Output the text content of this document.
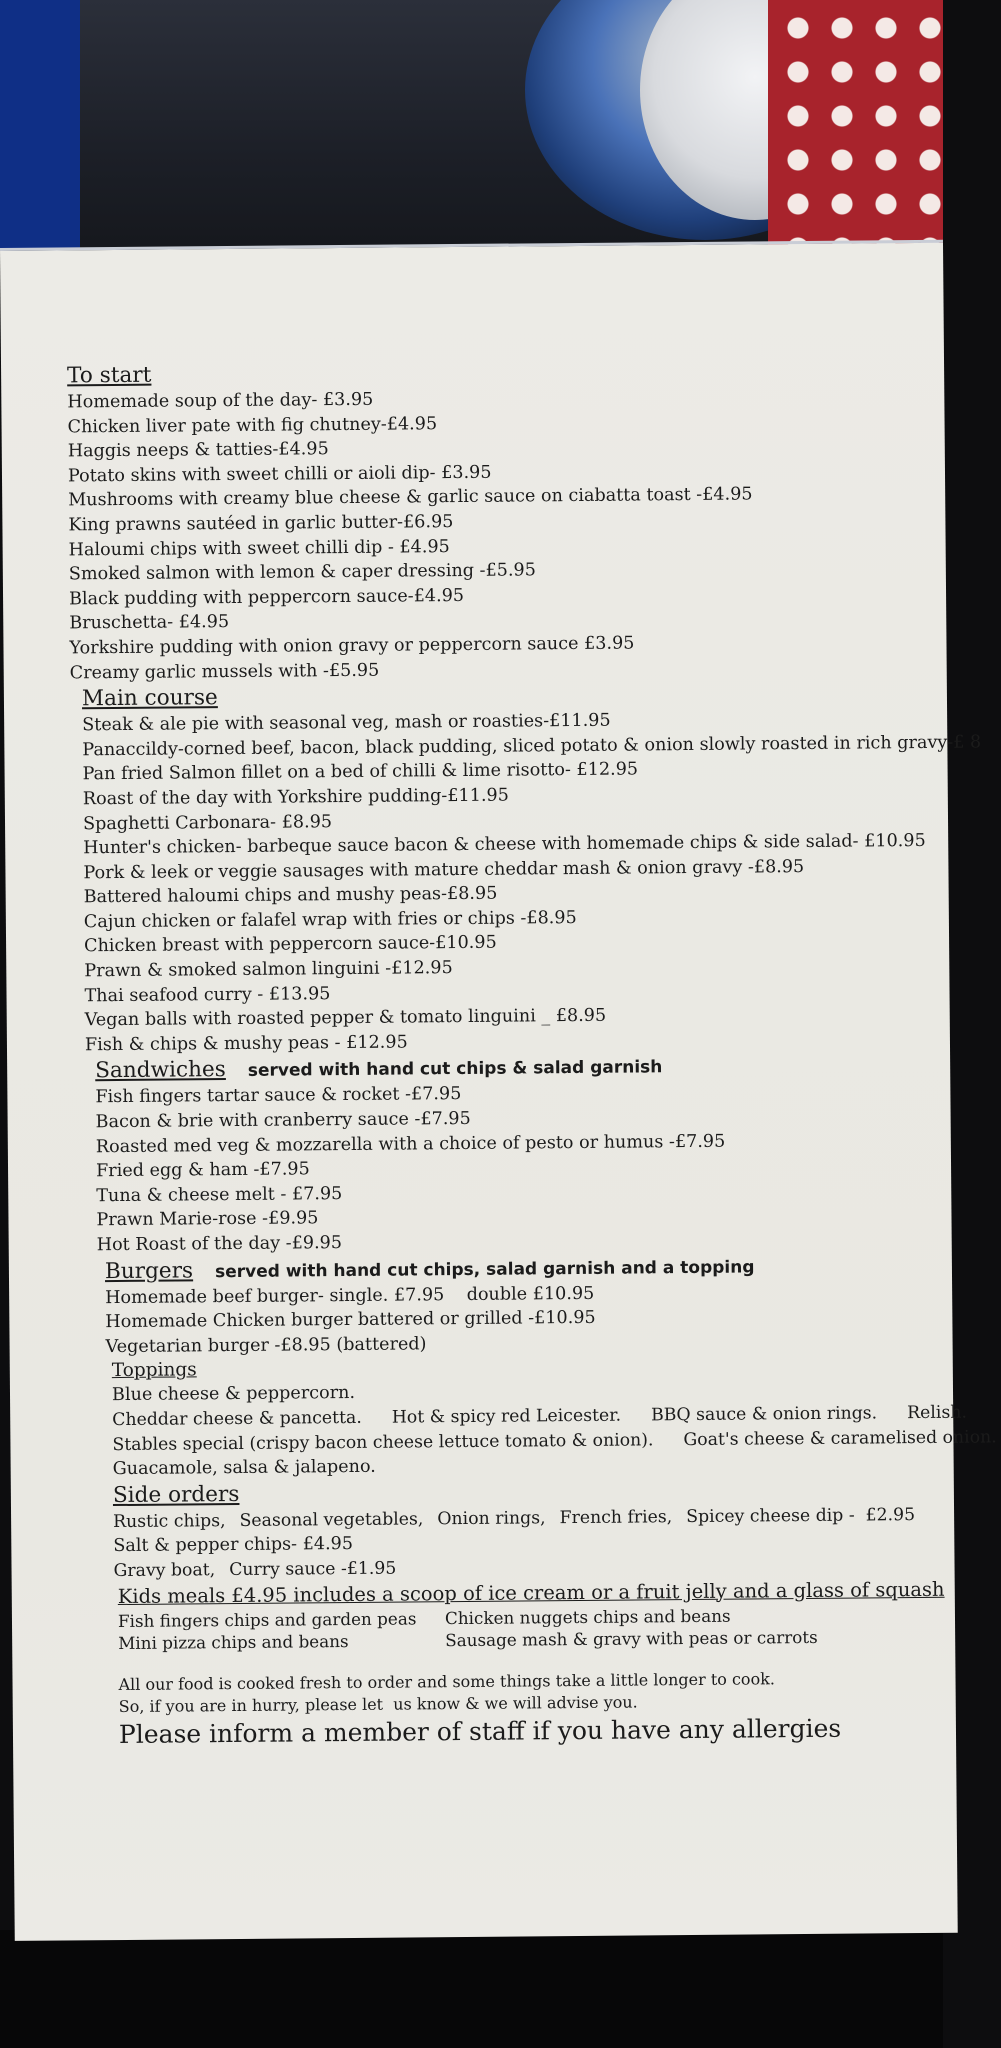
To start
Homemade soup of the day- £3.95
Chicken liver pate with fig chutney-£4.95
Haggis neeps & tatties-£4.95
Potato skins with sweet chilli or aioli dip- £3.95
Mushrooms with creamy blue cheese & garlic sauce on ciabatta toast -£4.95
King prawns sautéed in garlic butter-£6.95
Haloumi chips with sweet chilli dip - £4.95
Smoked salmon with lemon & caper dressing -£5.95
Black pudding with peppercorn sauce-£4.95
Bruschetta- £4.95
Yorkshire pudding with onion gravy or peppercorn sauce £3.95
Creamy garlic mussels with -£5.95
Main course
Steak & ale pie with seasonal veg, mash or roasties-£11.95
Panaccildy-corned beef, bacon, black pudding, sliced potato & onion slowly roasted in rich gravy-£ 8
Pan fried Salmon fillet on a bed of chilli & lime risotto- £12.95
Roast of the day with Yorkshire pudding-£11.95
Spaghetti Carbonara- £8.95
Hunter's chicken- barbeque sauce bacon & cheese with homemade chips & side salad- £10.95
Pork & leek or veggie sausages with mature cheddar mash & onion gravy -£8.95
Battered haloumi chips and mushy peas-£8.95
Cajun chicken or falafel wrap with fries or chips -£8.95
Chicken breast with peppercorn sauce-£10.95
Prawn & smoked salmon linguini -£12.95
Thai seafood curry - £13.95
Vegan balls with roasted pepper & tomato linguini _ £8.95
Fish & chips & mushy peas - £12.95
Sandwiches served with hand cut chips & salad garnish
Fish fingers tartar sauce & rocket -£7.95
Bacon & brie with cranberry sauce -£7.95
Roasted med veg & mozzarella with a choice of pesto or humus -£7.95
Fried egg & ham -£7.95
Tuna & cheese melt - £7.95
Prawn Marie-rose -£9.95
Hot Roast of the day -£9.95
Burgers served with hand cut chips, salad garnish and a topping
Homemade beef burger- single. £7.95    double £10.95
Homemade Chicken burger battered or grilled -£10.95
Vegetarian burger -£8.95 (battered)
Toppings
Blue cheese & peppercorn.
Cheddar cheese & pancetta. Hot & spicy red Leicester. BBQ sauce & onion rings. Relish.
Stables special (crispy bacon cheese lettuce tomato & onion). Goat's cheese & caramelised onion.
Guacamole, salsa & jalapeno.
Side orders
Rustic chips, Seasonal vegetables, Onion rings, French fries, Spicey cheese dip -  £2.95
Salt & pepper chips- £4.95
Gravy boat, Curry sauce -£1.95
Kids meals £4.95 includes a scoop of ice cream or a fruit jelly and a glass of squash
Fish fingers chips and garden peas	Chicken nuggets chips and beans
Mini pizza chips and beans	Sausage mash & gravy with peas or carrots
All our food is cooked fresh to order and some things take a little longer to cook.
So, if you are in hurry, please let  us know & we will advise you.
Please inform a member of staff if you have any allergies
